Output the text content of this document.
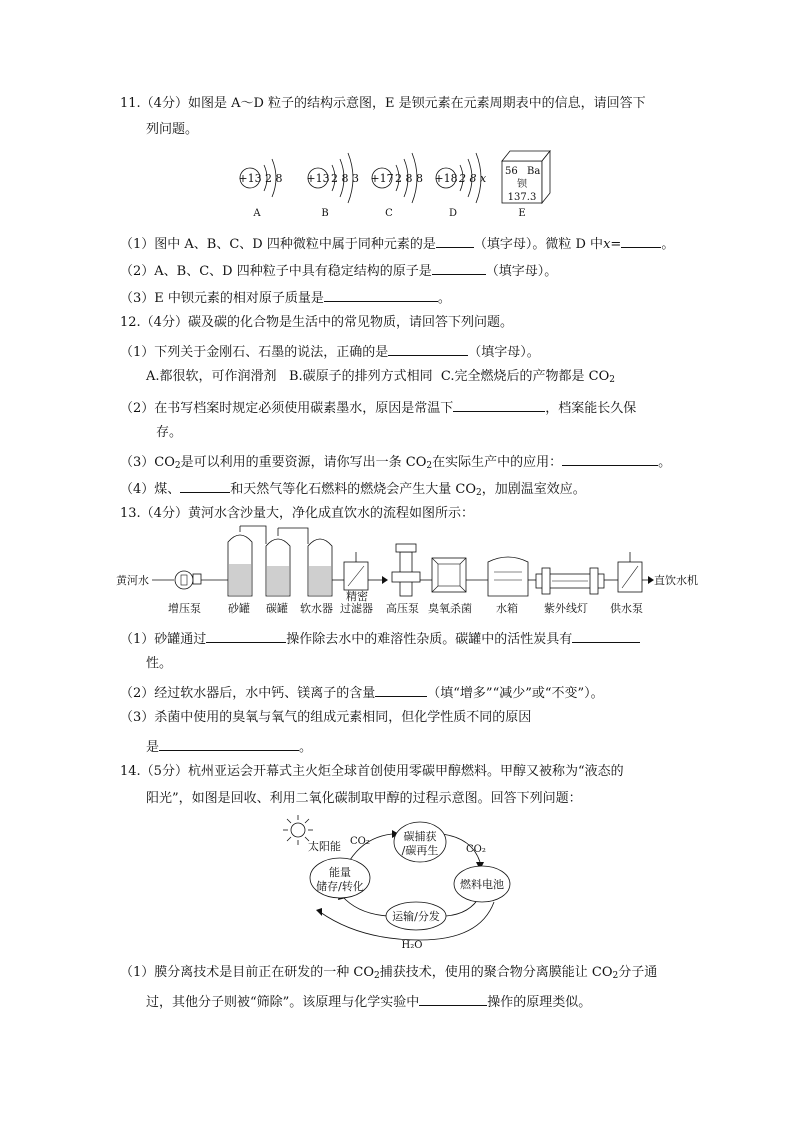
11.（4分）如图是 A～D 粒子的结构示意图，E 是钡元素在元素周期表中的信息，请回答下
列问题。
+13 2 8
A
+13 2 8 3
B
+17 2 8 8
C
+18 2 8 x
D
56 Ba
钡
137.3
E
（1）图中 A、B、C、D 四种微粒中属于同种元素的是	（填字母）。微粒 D 中x=	。
（2）A、B、C、D 四种粒子中具有稳定结构的原子是	（填字母）。
（3）E 中钡元素的相对原子质量是	。
12.（4分）碳及碳的化合物是生活中的常见物质，请回答下列问题。
（1）下列关于金刚石、石墨的说法，正确的是	（填字母）。
A.都很软，可作润滑剂 B.碳原子的排列方式相同 C.完全燃烧后的产物都是 $CO_2$
（2）在书写档案时规定必须使用碳素墨水，原因是常温下	，档案能长久保
存。
$(3)CO_2$是可以利用的重要资源，请你写出一条 $CO_2$在实际生产中的应用：	。
（4）煤、	和天然气等化石燃料的燃烧会产生大量 $CO_2$，加剧温室效应。
13.（4分）黄河水含沙量大，净化成直饮水的流程如图所示：
黄河水	直饮水机
增压泵 砂罐 碳罐 软水器
精密
过滤器 高压泵 臭氧杀菌 水箱 紫外线灯 供水泵
（1）砂罐通过	操作除去水中的难溶性杂质。碳罐中的活性炭具有
性。
（2）经过软水器后，水中钙、镁离子的含量	（填“增多”“减少”或“不变”）。
（3）杀菌中使用的臭氧与氧气的组成元素相同，但化学性质不同的原因
是	。
14.（5分）杭州亚运会开幕式主火炬全球首创使用零碳甲醇燃料。甲醇又被称为“液态的
阳光”，如图是回收、利用二氧化碳制取甲醇的过程示意图。回答下列问题：
太阳能 CO₂
CO₂
碳捕获
/碳再生
能量
储存/转化	燃料电池
运输/分发
H₂O
（1）膜分离技术是目前正在研发的一种 $CO_2$捕获技术，使用的聚合物分离膜能让 $CO_2$分子通
过，其他分子则被“筛除”。该原理与化学实验中	操作的原理类似。
